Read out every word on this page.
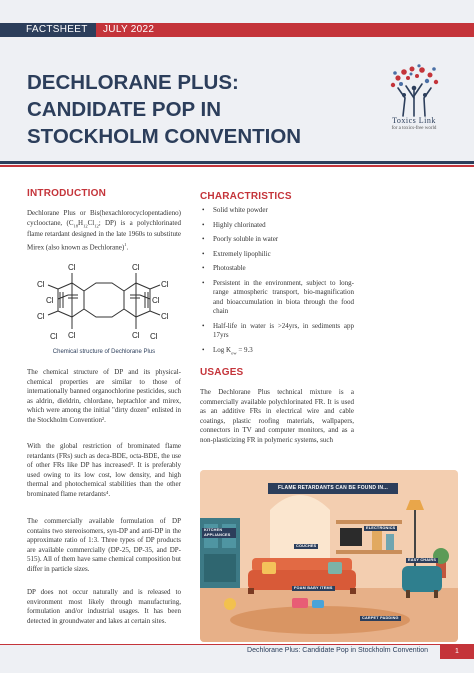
FACTSHEET	JULY 2022
DECHLORANE PLUS:
CANDIDATE POP IN
STOCKHOLM CONVENTION
Toxics Link
for a toxics-free world
INTRODUCTION
Dechlorane Plus or Bis(hexachlorocyclopentadieno) cyclooctane, ($C_{18}H_{12}Cl_{12}$; DP) is a polychlorinated flame retardant designed in the late 1960s to substitute Mirex (also known as Dechlorane)$^1$.
Cl	Cl
Cl
Cl
Cl
Cl
Cl	Cl
Cl	Cl
Cl	Cl
Chemical structure of Dechlorane Plus
The chemical structure of DP and its physical-chemical properties are similar to those of internationally banned organochlorine pesticides, such as aldrin, dieldrin, chlordane, heptachlor and mirex, which were among the initial "dirty dozen" enlisted in the Stockholm Convention².
With the global restriction of brominated flame retardants (FRs) such as deca-BDE, octa-BDE, the use of other FRs like DP has increased³. It is preferably used owing to its low cost, low density, and high thermal and photochemical stabilities than the other brominated flame retardants⁴.
The commercially available formulation of DP contains two stereoisomers, syn-DP and anti-DP in the approximate ratio of 1:3. Three types of DP products are available commercially (DP-25, DP-35, and DP-515). All of them have same chemical composition but differ in particle sizes.
DP does not occur naturally and is released to environment most likely through manufacturing, formulation and/or industrial usages. It has been detected in groundwater and lakes at certain sites.
CHARACTRISTICS
• Solid white powder
• Highly chlorinated
• Poorly soluble in water
• Extremely lipophilic
• Photostable
• Persistent in the environment, subject to long-range atmospheric transport, bio-magnification and bioaccumulation in biota through the food chain
• Half-life in water is >24yrs, in sediments app 17yrs
• Log $K_{ow} = 9.3$
USAGES
The Dechlorane Plus technical mixture is a commercially available polychlorinated FR. It is used as an additive FRs in electrical wire and cable coatings, plastic roofing materials, wallpapers, connectors in TV and computer monitors, and as a non-plasticizing FR in polymeric systems, such
FLAME RETARDANTS CAN BE FOUND IN...
KITCHEN APPLIANCES
ELECTRONICS
COUCHES
EASY CHAIRS
FOAM BABY ITEMS
CARPET PADDING
Dechlorane Plus: Candidate Pop in Stockholm Convention	1
